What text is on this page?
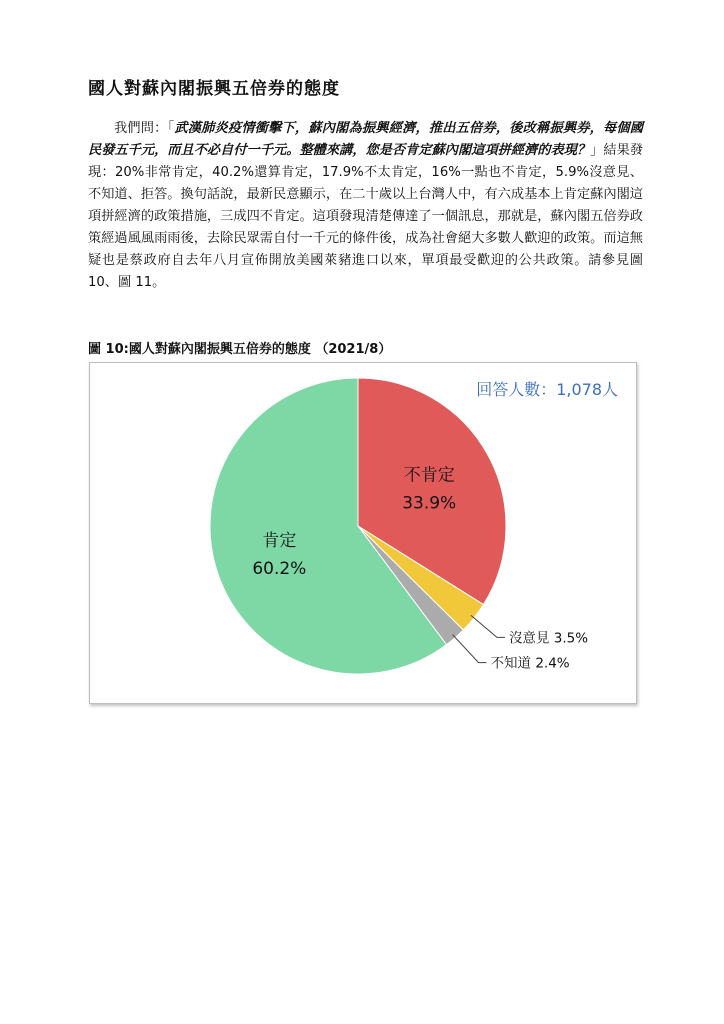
國人對蘇內閣振興五倍券的態度
我們問：「武漢肺炎疫情衝擊下，蘇內閣為振興經濟，推出五倍券，後改稱振興券，每個國民發五千元，而且不必自付一千元。整體來講，您是否肯定蘇內閣這項拼經濟的表現？」結果發現：20%非常肯定，40.2%還算肯定，17.9%不太肯定，16%一點也不肯定，5.9%沒意見、不知道、拒答。換句話說，最新民意顯示，在二十歲以上台灣人中，有六成基本上肯定蘇內閣這項拼經濟的政策措施，三成四不肯定。這項發現清楚傳達了一個訊息，那就是，蘇內閣五倍券政策經過風風雨雨後，去除民眾需自付一千元的條件後，成為社會絕大多數人歡迎的政策。而這無疑也是蔡政府自去年八月宣佈開放美國萊豬進口以來，單項最受歡迎的公共政策。請參見圖 10、圖 11。
圖 10:國人對蘇內閣振興五倍券的態度 （2021/8）
回答人數：1,078人
不肯定
33.9%
沒意見 3.5%
不知道 2.4%
肯定
60.2%
